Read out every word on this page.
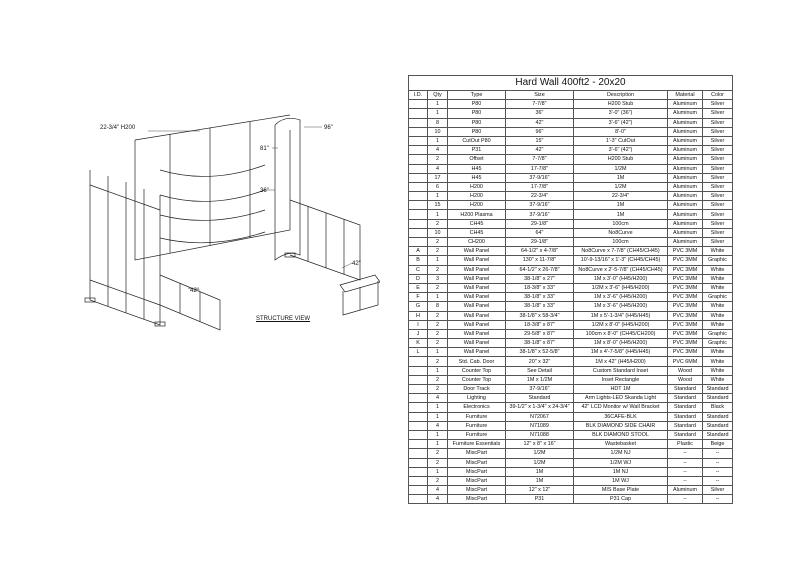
22-3/4" H200	96"
81"
36"
42"
42"
STRUCTURE VIEW
Hard Wall 400ft2 - 20x20						
I.D.	Qty	Type	Size	Description	Material	Color
	1	P80	7-7/8"	H200 Stub	Aluminum	Silver
	1	P80	36"	3'-0" (36")	Aluminum	Silver
	8	P80	42"	3'-6" (42")	Aluminum	Silver
	10	P80	96"	8'-0"	Aluminum	Silver
	1	CutOut P80	15"	1'-3" CutOut	Aluminum	Silver
	4	P31	42"	3'-6" (42")	Aluminum	Silver
	2	Offset	7-7/8"	H200 Stub	Aluminum	Silver
	4	H45	17-7/8"	1/2M	Aluminum	Silver
	17	H45	37-9/16"	1M	Aluminum	Silver
	6	H200	17-7/8"	1/2M	Aluminum	Silver
	1	H200	22-3/4"	22-3/4"	Aluminum	Silver
	15	H200	37-9/16"	1M	Aluminum	Silver
	1	H200 Plasma	37-9/16"	1M	Aluminum	Silver
	2	CH45	29-1/8"	100cm	Aluminum	Silver
	10	CH45	64"	No8Curve	Aluminum	Silver
	2	CH200	29-1/8"	100cm	Aluminum	Silver
A	2	Wall Panel	64-1/2" x 4-7/8"	No8Curve x 7-7/8" (CH45/CH45)	PVC 3MM	White
B	1	Wall Panel	130" x 11-7/8"	10'-9-13/16" x 1'-3" (CH45/CH45)	PVC 3MM	Graphic
C	2	Wall Panel	64-1/2" x 26-7/8"	No8Curve x 2'-5-7/8" (CH45/CH45)	PVC 3MM	White
D	3	Wall Panel	38-1/8" x 27"	1M x 3'-0" (H45/H200)	PVC 3MM	White
E	2	Wall Panel	18-3/8" x 33"	1/2M x 3'-6" (H45/H200)	PVC 3MM	White
F	1	Wall Panel	38-1/8" x 33"	1M x 3'-6" (H45/H200)	PVC 3MM	Graphic
G	8	Wall Panel	38-1/8" x 33"	1M x 3'-6" (H45/H200)	PVC 3MM	White
H	2	Wall Panel	38-1/8" x 58-3/4"	1M x 5'-1-3/4" (H45/H45)	PVC 3MM	White
I	2	Wall Panel	18-3/8" x 87"	1/2M x 8'-0" (H45/H200)	PVC 3MM	White
J	2	Wall Panel	29-5/8" x 87"	100cm x 8'-0" (CH45/CH200)	PVC 3MM	Graphic
K	2	Wall Panel	38-1/8" x 87"	1M x 8'-0" (H45/H200)	PVC 3MM	Graphic
L	1	Wall Panel	38-1/8" x 52-5/8"	1M x 4'-7-5/8" (H45/H45)	PVC 3MM	White
	2	Std. Cab. Door	20" x 32"	1M x 42" (H45/H200)	PVC 6MM	White
	1	Counter Top	See Detail	Custom Standard Inset	Wood	White
	2	Counter Top	1M x 1/2M	Inset Rectangle	Wood	White
	2	Door Track	37-9/16"	HDT 1M	Standard	Standard
	4	Lighting	Standard	Arm Lights-LED Skanda Light	Standard	Standard
	1	Electronics	39-1/2" x 1-3/4" x 24-3/4"	42" LCD Monitor w/ Wall Bracket	Standard	Black
	1	Furniture	N72067	36CAFE-BLK	Standard	Standard
	4	Furniture	N71089	BLK DIAMOND SIDE CHAIR	Standard	Standard
	1	Furniture	N71088	BLK DIAMOND STOOL	Standard	Standard
	1	Furniture Essentials	12" x 8" x 16"	Wastebasket	Plastic	Beige
	2	MiscPart	1/2M	1/2M NJ	--	--
	2	MiscPart	1/2M	1/2M WJ	--	--
	1	MiscPart	1M	1M NJ	--	--
	2	MiscPart	1M	1M WJ	--	--
	4	MiscPart	12" x 12"	MIS Base Plate	Aluminum	Silver
	4	MiscPart	P31	P31 Cap	--	--
